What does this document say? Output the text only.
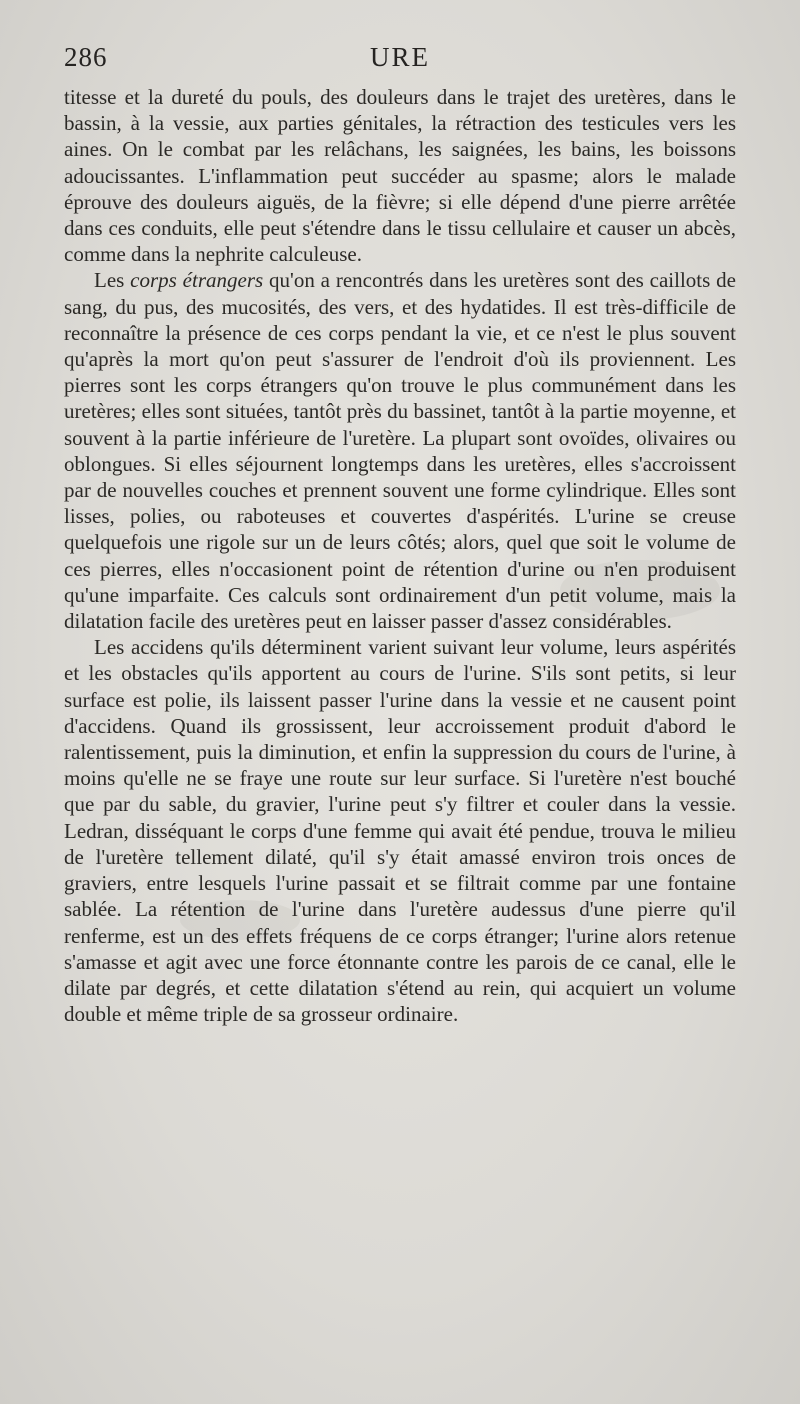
286	URE

titesse et la dureté du pouls, des douleurs dans le trajet des uretères, dans le bassin, à la vessie, aux parties génitales, la rétraction des testicules vers les aines. On le combat par les relâchans, les saignées, les bains, les boissons adoucissantes. L'inflammation peut succéder au spasme; alors le malade éprouve des douleurs aiguës, de la fièvre; si elle dépend d'une pierre arrêtée dans ces conduits, elle peut s'étendre dans le tissu cellulaire et causer un abcès, comme dans la nephrite calculeuse.

Les corps étrangers qu'on a rencontrés dans les uretères sont des caillots de sang, du pus, des mucosités, des vers, et des hydatides. Il est très-difficile de reconnaître la présence de ces corps pendant la vie, et ce n'est le plus souvent qu'après la mort qu'on peut s'assurer de l'endroit d'où ils proviennent. Les pierres sont les corps étrangers qu'on trouve le plus communément dans les uretères; elles sont situées, tantôt près du bassinet, tantôt à la partie moyenne, et souvent à la partie inférieure de l'uretère. La plupart sont ovoïdes, olivaires ou oblongues. Si elles séjournent longtemps dans les uretères, elles s'accroissent par de nouvelles couches et prennent souvent une forme cylindrique. Elles sont lisses, polies, ou raboteuses et couvertes d'aspérités. L'urine se creuse quelquefois une rigole sur un de leurs côtés; alors, quel que soit le volume de ces pierres, elles n'occasionent point de rétention d'urine ou n'en produisent qu'une imparfaite. Ces calculs sont ordinairement d'un petit volume, mais la dilatation facile des uretères peut en laisser passer d'assez considérables.

Les accidens qu'ils déterminent varient suivant leur volume, leurs aspérités et les obstacles qu'ils apportent au cours de l'urine. S'ils sont petits, si leur surface est polie, ils laissent passer l'urine dans la vessie et ne causent point d'accidens. Quand ils grossissent, leur accroissement produit d'abord le ralentissement, puis la diminution, et enfin la suppression du cours de l'urine, à moins qu'elle ne se fraye une route sur leur surface. Si l'uretère n'est bouché que par du sable, du gravier, l'urine peut s'y filtrer et couler dans la vessie. Ledran, disséquant le corps d'une femme qui avait été pendue, trouva le milieu de l'uretère tellement dilaté, qu'il s'y était amassé environ trois onces de graviers, entre lesquels l'urine passait et se filtrait comme par une fontaine sablée. La rétention de l'urine dans l'uretère audessus d'une pierre qu'il renferme, est un des effets fréquens de ce corps étranger; l'urine alors retenue s'amasse et agit avec une force étonnante contre les parois de ce canal, elle le dilate par degrés, et cette dilatation s'étend au rein, qui acquiert un volume double et même triple de sa grosseur ordinaire.
